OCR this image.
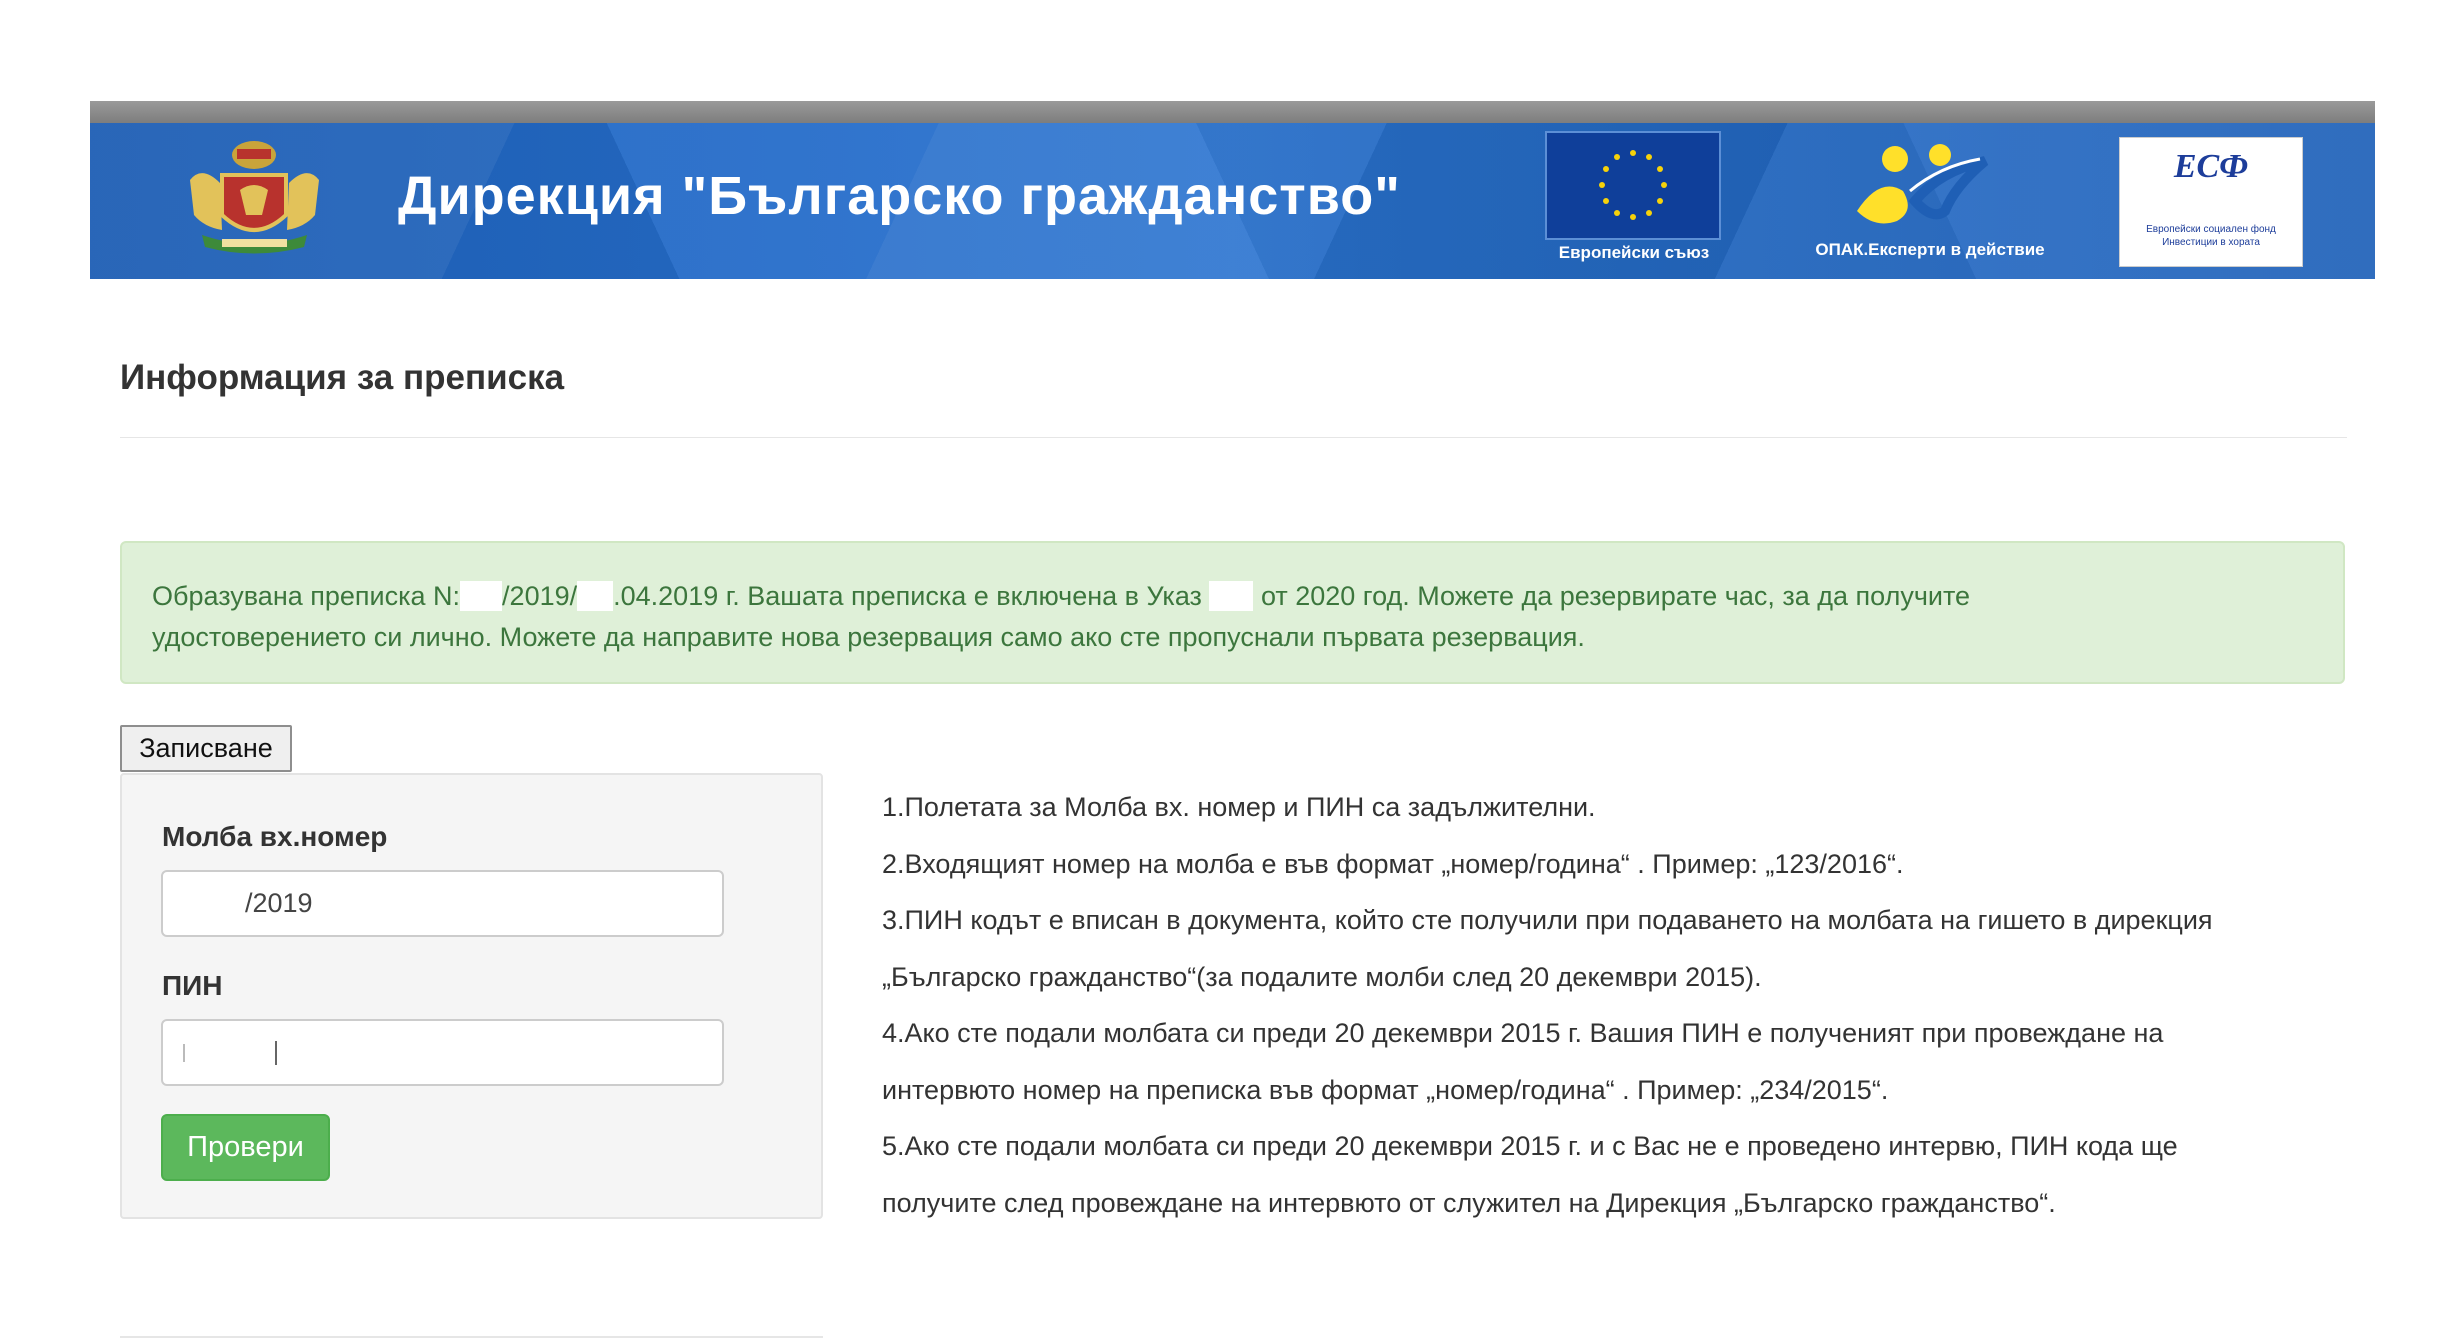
Дирекция "Българско гражданство"
Европейски съюз	ОПАК.Експерти в действие
ЕСФ
Европейски социален фонд Инвестиции в хората
Информация за преписка
Образувана преписка N: /2019/ .04.2019 г. Вашата преписка е включена в Указ  от 2020 год. Можете да резервирате час, за да получите
удостоверението си лично. Можете да направите нова резервация само ако сте пропуснали първата резервация.
Записване
Молба вх.номер
/2019
ПИН
Провери

1.Полетата за Молба вх. номер и ПИН са задължителни.

2.Входящият номер на молба е във формат „номер/година“ . Пример: „123/2016“.

3.ПИН кодът е вписан в документа, който сте получили при подаването на молбата на гишето в дирекция

„Българско гражданство“(за подалите молби след 20 декември 2015).

4.Ако сте подали молбата си преди 20 декември 2015 г. Вашия ПИН е полученият при провеждане на

интервюто номер на преписка във формат „номер/година“ . Пример: „234/2015“.

5.Ако сте подали молбата си преди 20 декември 2015 г. и с Вас не е проведено интервю, ПИН кода ще

получите след провеждане на интервюто от служител на Дирекция „Българско гражданство“.
